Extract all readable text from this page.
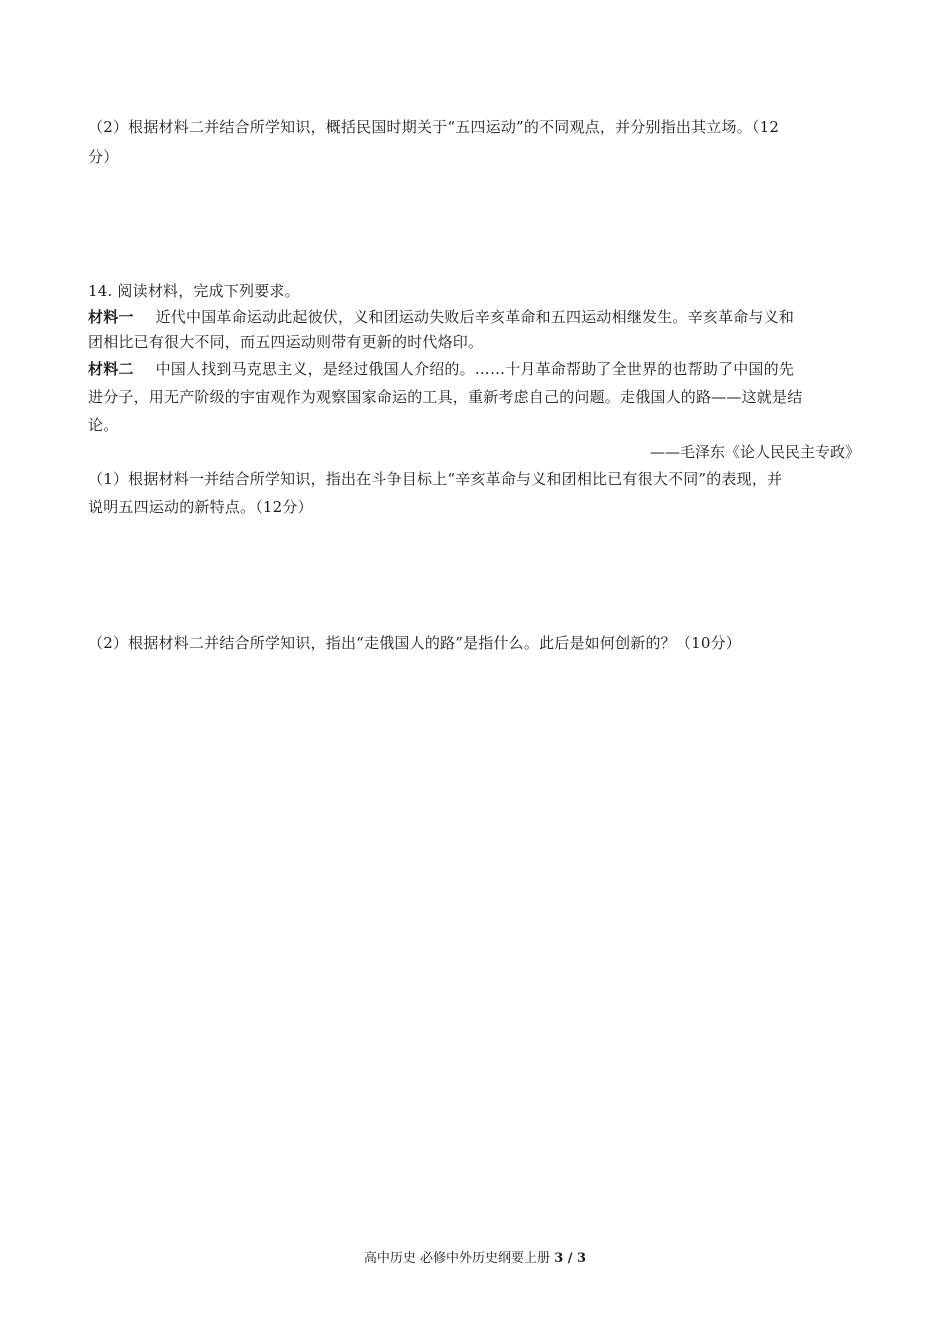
（2）根据材料二并结合所学知识，概括民国时期关于“五四运动”的不同观点，并分别指出其立场。（12
分）
14. 阅读材料，完成下列要求。
材料一 近代中国革命运动此起彼伏，义和团运动失败后辛亥革命和五四运动相继发生。辛亥革命与义和
团相比已有很大不同，而五四运动则带有更新的时代烙印。
材料二 中国人找到马克思主义，是经过俄国人介绍的。……十月革命帮助了全世界的也帮助了中国的先
进分子，用无产阶级的宇宙观作为观察国家命运的工具，重新考虑自己的问题。走俄国人的路——这就是结
论。
——毛泽东《论人民民主专政》
（1）根据材料一并结合所学知识，指出在斗争目标上“辛亥革命与义和团相比已有很大不同”的表现，并
说明五四运动的新特点。（12分）
（2）根据材料二并结合所学知识，指出“走俄国人的路”是指什么。此后是如何创新的？（10分）
高中历史 必修中外历史纲要上册 3 / 3
